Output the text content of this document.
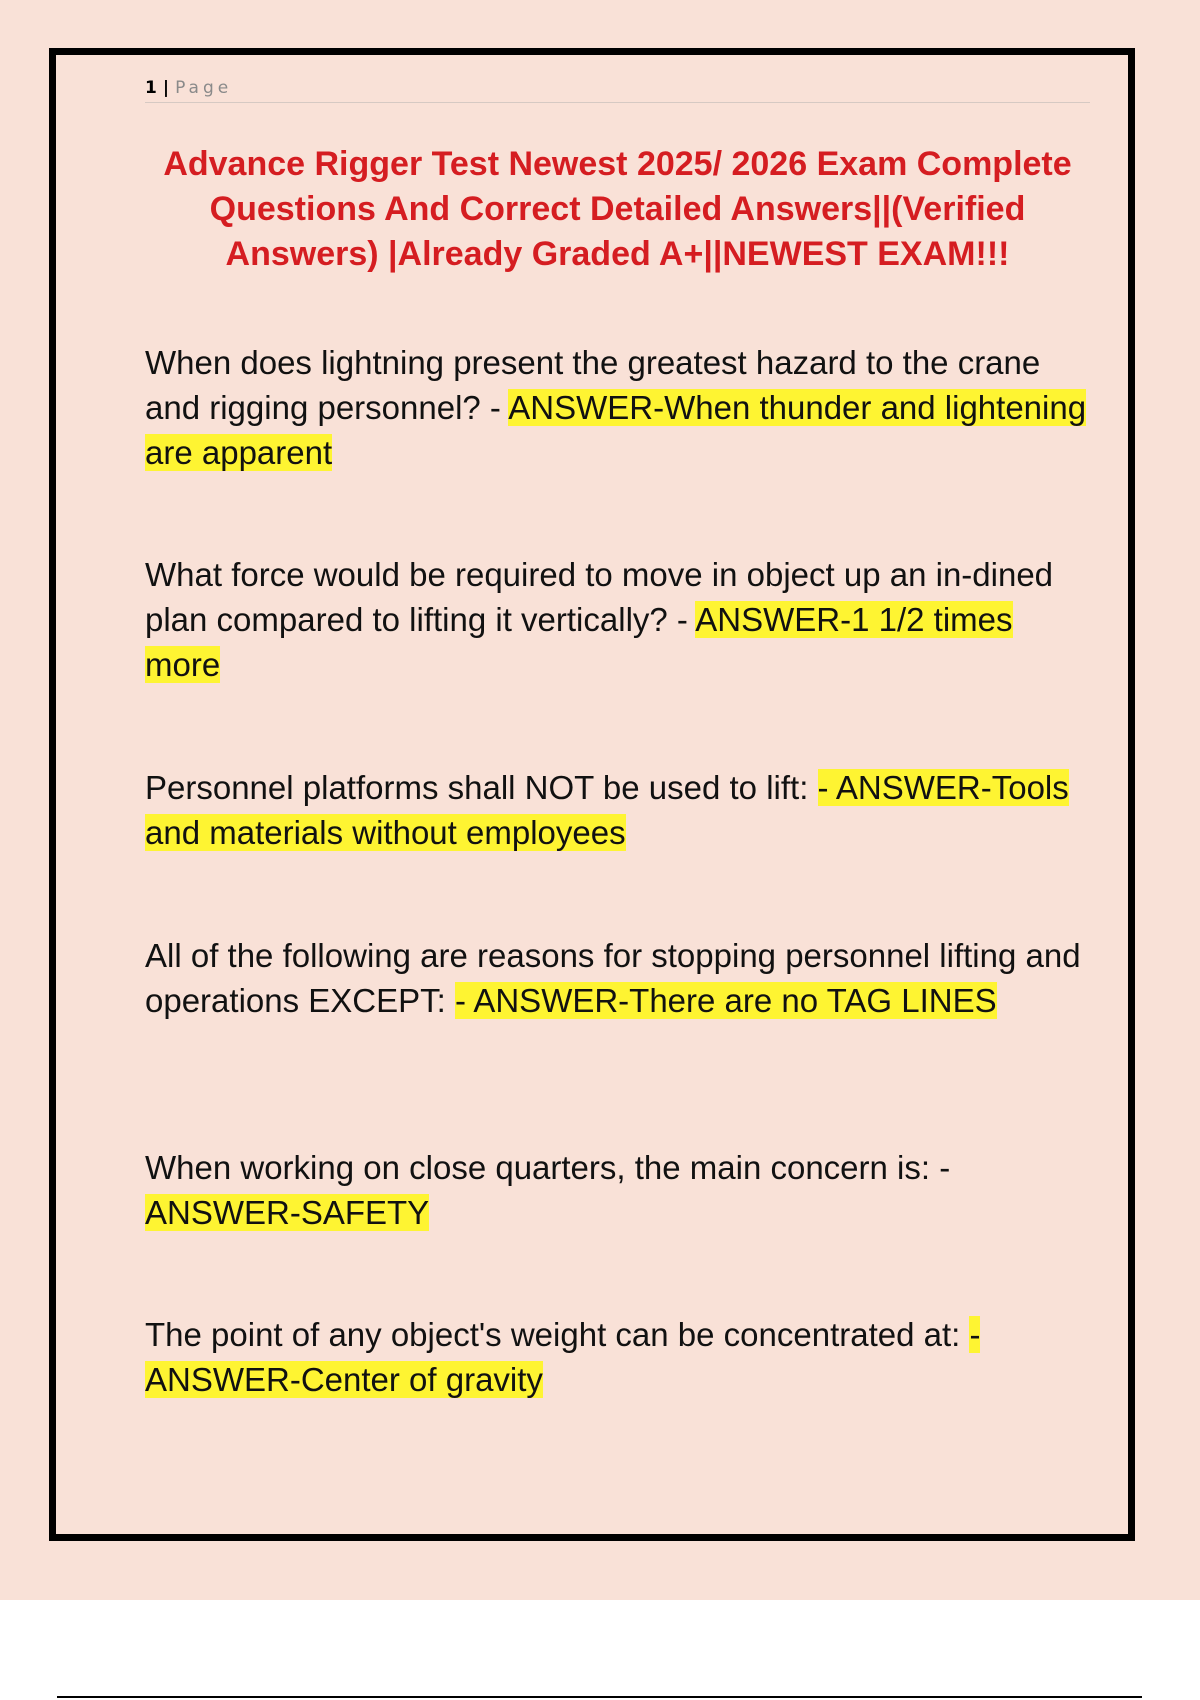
1 | Page
Advance Rigger Test Newest 2025/ 2026 Exam Complete Questions And Correct Detailed Answers||(Verified Answers) |Already Graded A+||NEWEST EXAM!!!

When does lightning present the greatest hazard to the crane and rigging personnel? - ANSWER-When thunder and lightening are apparent

What force would be required to move in object up an in-dined plan compared to lifting it vertically? - ANSWER-1 1/2 times more

Personnel platforms shall NOT be used to lift: - ANSWER-Tools and materials without employees

All of the following are reasons for stopping personnel lifting and operations EXCEPT: - ANSWER-There are no TAG LINES

When working on close quarters, the main concern is: - ANSWER-SAFETY

The point of any object's weight can be concentrated at: - ANSWER-Center of gravity
